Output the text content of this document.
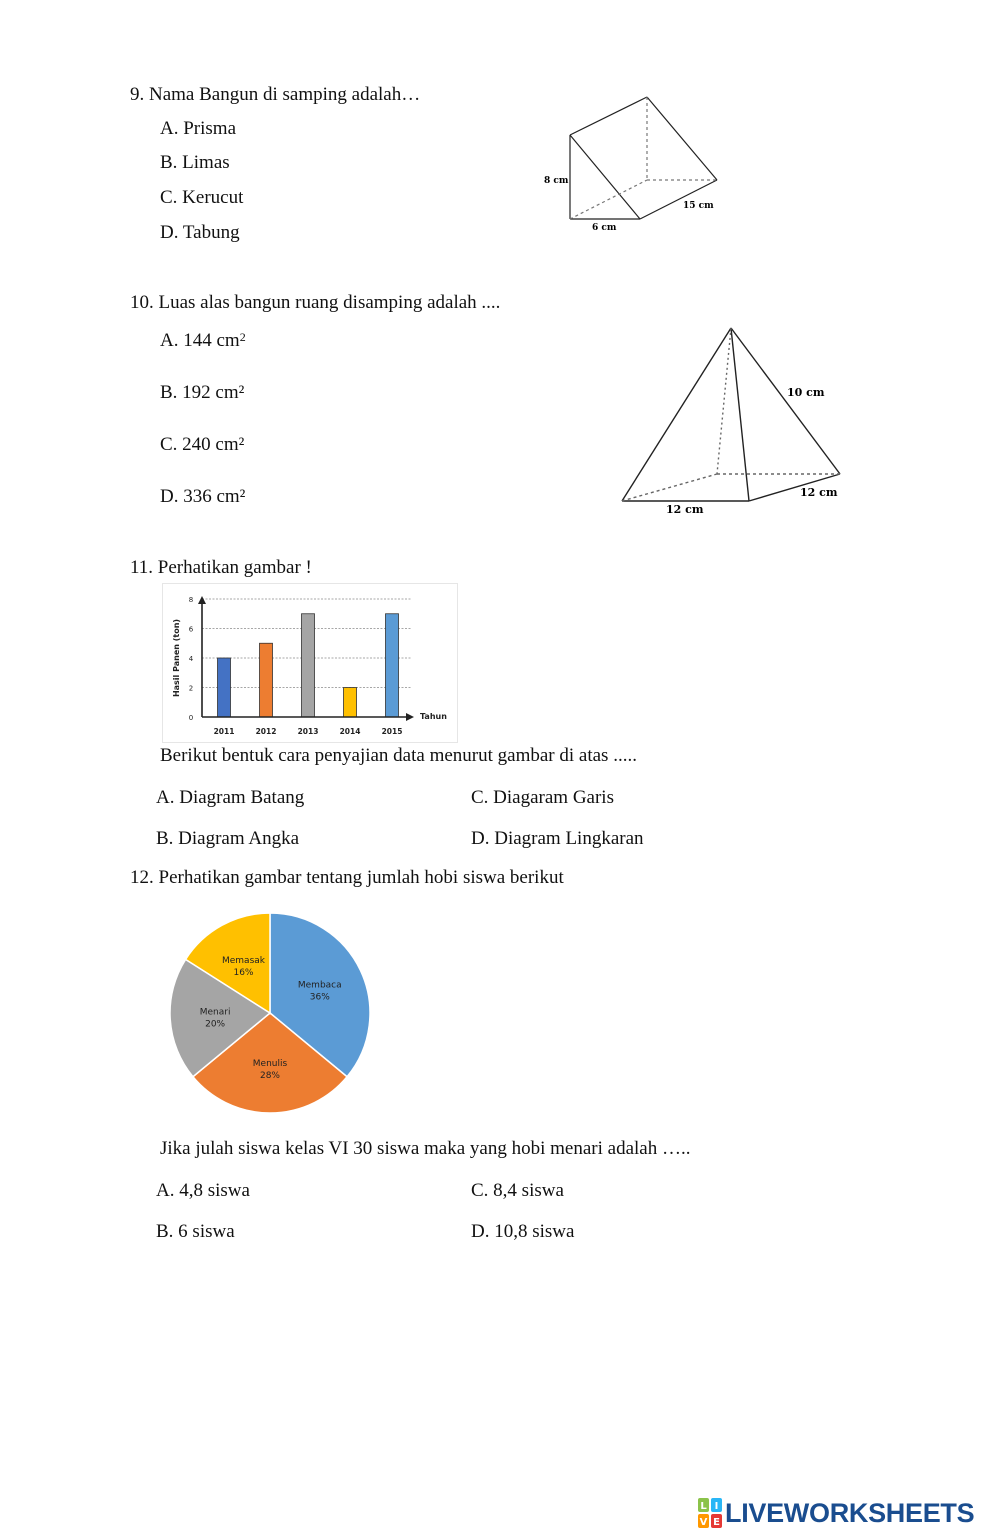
9. Nama Bangun di samping adalah…
A. Prisma
B. Limas
C. Kerucut
D. Tabung
8 cm
6 cm
15 cm
10. Luas alas bangun ruang disamping adalah ....
A. 144 $cm^2$
B. 192 cm²
C. 240 cm²
D. 336 cm²
10 cm
12 cm
12 cm
11. Perhatikan gambar !
0
2
4
6
8
2011	2012	2013	2014	2015
Tahun
Hasil Panen (ton)
Berikut bentuk cara penyajian data menurut gambar di atas .....
A. Diagram Batang
B. Diagram Angka
C. Diagaram Garis
D. Diagram Lingkaran
12. Perhatikan gambar tentang jumlah hobi siswa berikut
Membaca
36%
Menulis
28%
Menari
20%
Memasak
16%
Jika julah siswa kelas VI 30 siswa maka yang hobi menari adalah …..
A. 4,8 siswa
B. 6 siswa
C. 8,4 siswa
D. 10,8 siswa
L I
V E LIVEWORKSHEETS
